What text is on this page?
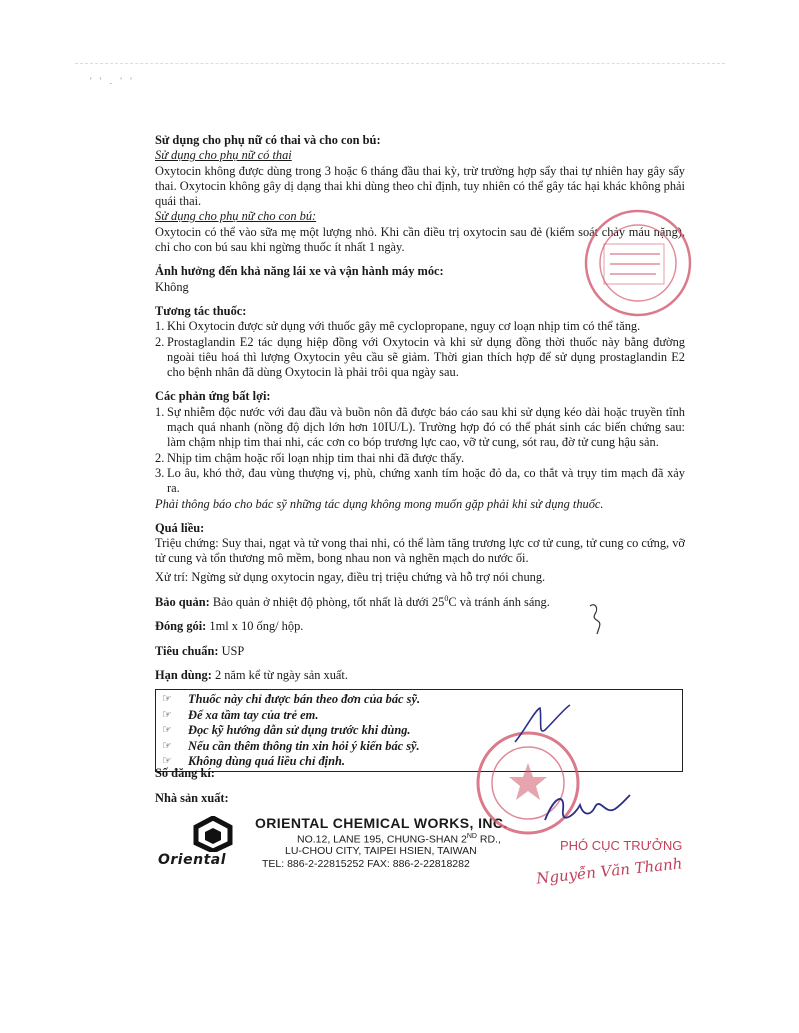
' ' . ' '

Sử dụng cho phụ nữ có thai và cho con bú:

Sử dụng cho phụ nữ có thai

Oxytocin không được dùng trong 3 hoặc 6 tháng đầu thai kỳ, trừ trường hợp sẩy thai tự nhiên hay gây sẩy thai. Oxytocin không gây dị dạng thai khi dùng theo chỉ định, tuy nhiên có thể gây tác hại khác không phải quái thai.

Sử dụng cho phụ nữ cho con bú:

Oxytocin có thể vào sữa mẹ một lượng nhỏ. Khi cần điều trị oxytocin sau đẻ (kiểm soát chảy máu nặng), chỉ cho con bú sau khi ngừng thuốc ít nhất 1 ngày.

Ảnh hưởng đến khả năng lái xe và vận hành máy móc:

Không

Tương tác thuốc:

1. Khi Oxytocin được sử dụng với thuốc gây mê cyclopropane, nguy cơ loạn nhịp tim có thể tăng.
2. Prostaglandin E2 tác dụng hiệp đồng với Oxytocin và khi sử dụng đồng thời thuốc này bằng đường ngoài tiêu hoá thì lượng Oxytocin yêu cầu sẽ giảm. Thời gian thích hợp để sử dụng prostaglandin E2 cho bệnh nhân đã dùng Oxytocin là phải trôi qua ngày sau.

Các phản ứng bất lợi:

1. Sự nhiễm độc nước với đau đầu và buồn nôn đã được báo cáo sau khi sử dụng kéo dài hoặc truyền tĩnh mạch quá nhanh (nồng độ dịch lớn hơn 10IU/L). Trường hợp đó có thể phát sinh các biến chứng sau: làm chậm nhịp tim thai nhi, các cơn co bóp trương lực cao, vỡ tử cung, sót rau, đờ tử cung hậu sản.
2. Nhịp tim chậm hoặc rối loạn nhịp tim thai nhi đã được thấy.
3. Lo âu, khó thở, đau vùng thượng vị, phù, chứng xanh tím hoặc đỏ da, co thắt và trụy tim mạch đã xảy ra.

Phải thông báo cho bác sỹ những tác dụng không mong muốn gặp phải khi sử dụng thuốc.

Quá liều:

Triệu chứng: Suy thai, ngạt và tử vong thai nhi, có thể làm tăng trương lực cơ tử cung, tử cung co cứng, vỡ tử cung và tổn thương mô mềm, bong nhau non và nghẽn mạch do nước ối.

Xử trí: Ngừng sử dụng oxytocin ngay, điều trị triệu chứng và hỗ trợ nói chung.

Bảo quản: Bảo quản ở nhiệt độ phòng, tốt nhất là dưới $25^0C$ và tránh ánh sáng.

Đóng gói: 1ml x 10 ống/ hộp.

Tiêu chuẩn: USP

Hạn dùng: 2 năm kể từ ngày sản xuất.

☞	Thuốc này chỉ được bán theo đơn của bác sỹ.
☞	Để xa tầm tay của trẻ em.
☞	Đọc kỹ hướng dẫn sử dụng trước khi dùng.
☞	Nếu cần thêm thông tin xin hỏi ý kiến bác sỹ.
☞	Không dùng quá liều chỉ định.
Số đăng kí:
Nhà sản xuất:
Oriental
ORIENTAL CHEMICAL WORKS, INC.
NO.12, LANE 195, CHUNG-SHAN 2ND RD.,
LU-CHOU CITY, TAIPEI HSIEN, TAIWAN
TEL: 886-2-22815252 FAX: 886-2-22818282
PHÓ CỤC TRƯỞNG
Nguyễn Văn Thanh
